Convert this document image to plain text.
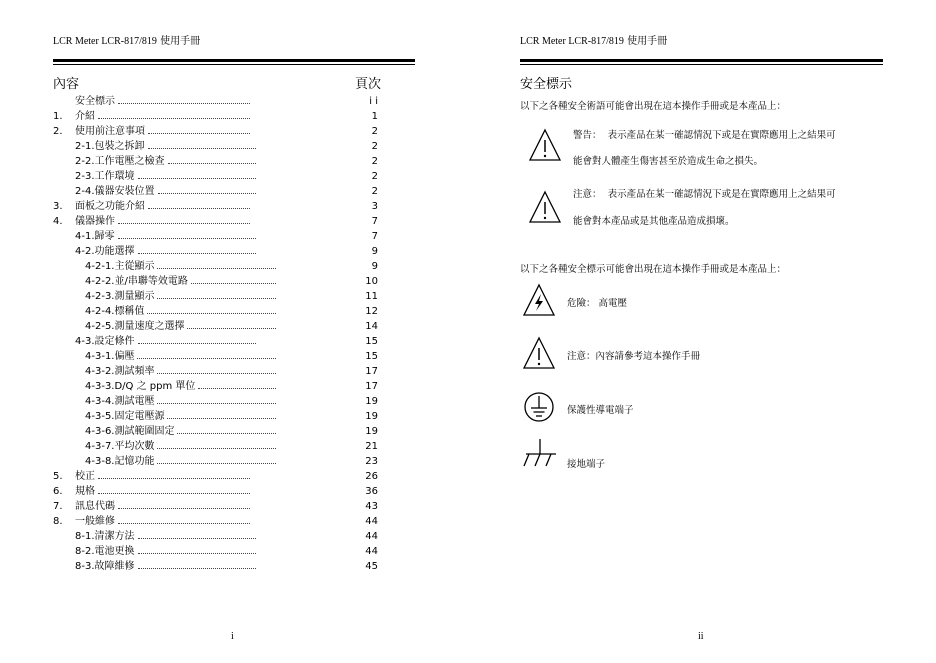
LCR Meter LCR-817/819 使用手冊
內容	頁次
安全標示	i i
1. 介紹	1
2. 使用前注意事項	2
2-1.包裝之拆卸	2
2-2.工作電壓之檢查	2
2-3.工作環境	2
2-4.儀器安裝位置	2
3. 面板之功能介紹	3
4. 儀器操作	7
4-1.歸零	7
4-2.功能選擇	9
4-2-1.主從顯示	9
4-2-2.並/串聯等效電路	10
4-2-3.測量顯示	11
4-2-4.標稱值	12
4-2-5.測量速度之選擇	14
4-3.設定條件	15
4-3-1.偏壓	15
4-3-2.測試頻率	17
4-3-3.D/Q 之 ppm 單位	17
4-3-4.測試電壓	19
4-3-5.固定電壓源	19
4-3-6.測試範圍固定	19
4-3-7.平均次數	21
4-3-8.記憶功能	23
5. 校正	26
6. 規格	36
7. 訊息代碼	43
8. 一般維修	44
8-1.清潔方法	44
8-2.電池更換	44
8-3.故障維修	45
LCR Meter LCR-817/819 使用手冊
安全標示
以下之各種安全術語可能會出現在這本操作手冊或是本產品上：
警告： 表示產品在某一確認情況下或是在實際應用上之結果可
能會對人體產生傷害甚至於造成生命之損失。
注意： 表示產品在某一確認情況下或是在實際應用上之結果可
能會對本產品或是其他產品造成損壞。
以下之各種安全標示可能會出現在這本操作手冊或是本產品上：
危險： 高電壓
注意：內容請參考這本操作手冊
保護性導電端子
接地端子
i	ii
